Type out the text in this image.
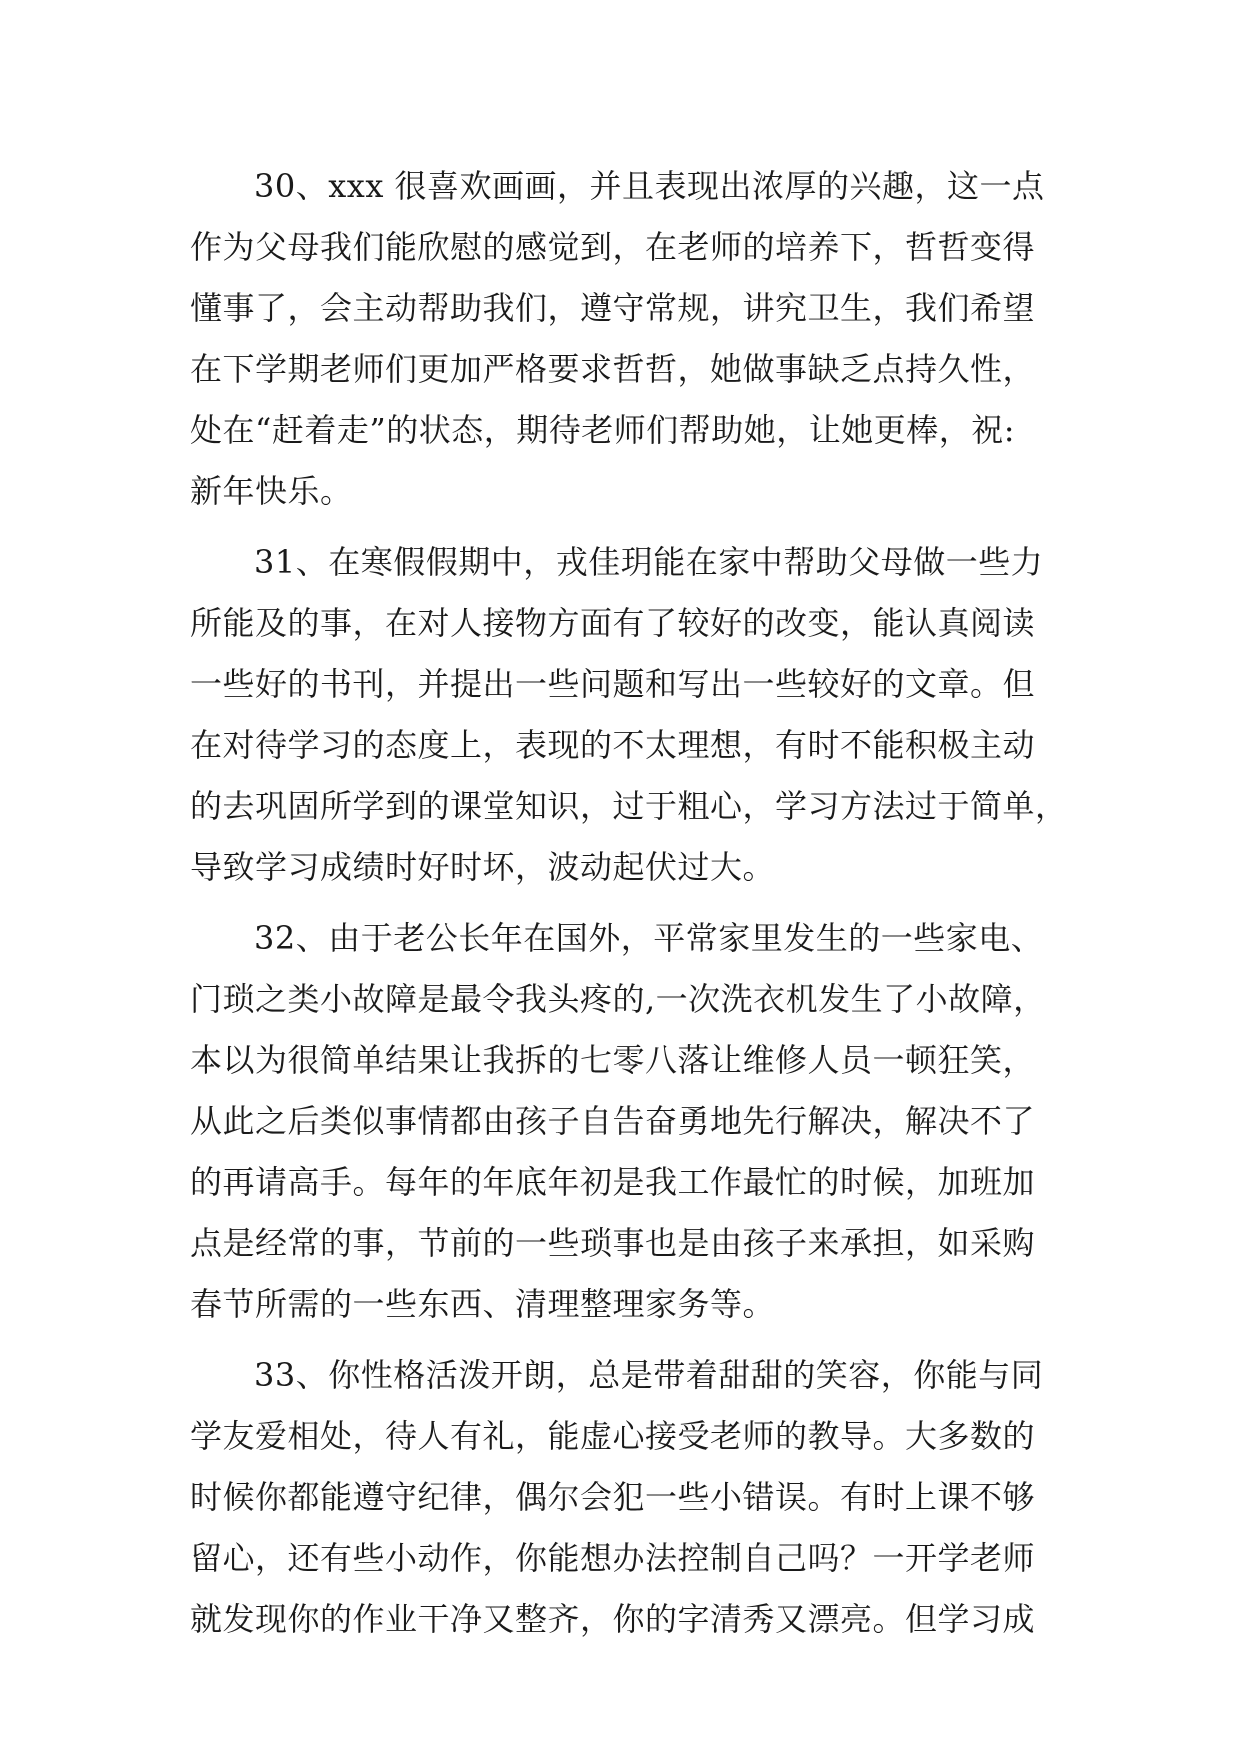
30、xxx 很喜欢画画，并且表现出浓厚的兴趣，这一点
作为父母我们能欣慰的感觉到，在老师的培养下，哲哲变得
懂事了，会主动帮助我们，遵守常规，讲究卫生，我们希望
在下学期老师们更加严格要求哲哲，她做事缺乏点持久性，
处在“赶着走”的状态，期待老师们帮助她，让她更棒，祝:
新年快乐。
31、在寒假假期中，戎佳玥能在家中帮助父母做一些力
所能及的事，在对人接物方面有了较好的改变，能认真阅读
一些好的书刊，并提出一些问题和写出一些较好的文章。但
在对待学习的态度上，表现的不太理想，有时不能积极主动
的去巩固所学到的课堂知识，过于粗心，学习方法过于简单，
导致学习成绩时好时坏，波动起伏过大。
32、由于老公长年在国外，平常家里发生的一些家电、
门琐之类小故障是最令我头疼的,一次洗衣机发生了小故障，
本以为很简单结果让我拆的七零八落让维修人员一顿狂笑，
从此之后类似事情都由孩子自告奋勇地先行解决，解决不了
的再请高手。每年的年底年初是我工作最忙的时候，加班加
点是经常的事，节前的一些琐事也是由孩子来承担，如采购
春节所需的一些东西、清理整理家务等。
33、你性格活泼开朗，总是带着甜甜的笑容，你能与同
学友爱相处，待人有礼，能虚心接受老师的教导。大多数的
时候你都能遵守纪律，偶尔会犯一些小错误。有时上课不够
留心，还有些小动作，你能想办法控制自己吗？一开学老师
就发现你的作业干净又整齐，你的字清秀又漂亮。但学习成
